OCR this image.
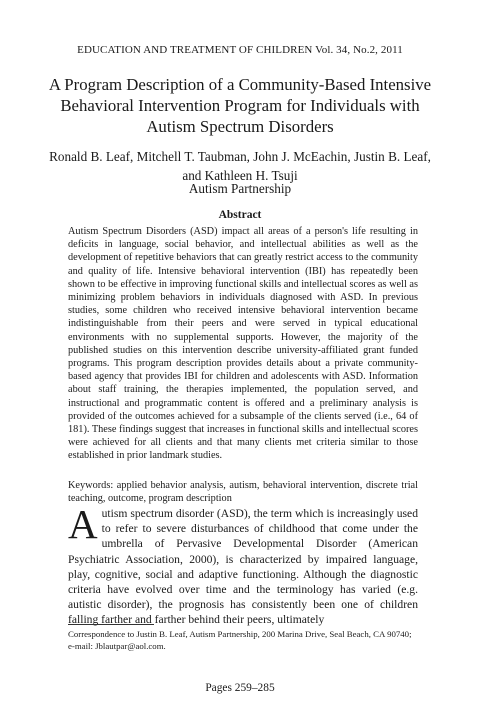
EDUCATION AND TREATMENT OF CHILDREN Vol. 34, No.2, 2011
A Program Description of a Community-Based Intensive Behavioral Intervention Program for Individuals with Autism Spectrum Disorders
Ronald B. Leaf, Mitchell T. Taubman, John J. McEachin, Justin B. Leaf, and Kathleen H. Tsuji
Autism Partnership
Abstract
Autism Spectrum Disorders (ASD) impact all areas of a person's life resulting in deficits in language, social behavior, and intellectual abilities as well as the development of repetitive behaviors that can greatly restrict access to the community and quality of life. Intensive behavioral intervention (IBI) has repeatedly been shown to be effective in improving functional skills and intellectual scores as well as minimizing problem behaviors in individuals diagnosed with ASD. In previous studies, some children who received intensive behavioral intervention became indistinguishable from their peers and were served in typical educational environments with no supplemental supports. However, the majority of the published studies on this intervention describe university-affiliated grant funded programs. This program description provides details about a private community-based agency that provides IBI for children and adolescents with ASD. Information about staff training, the therapies implemented, the population served, and instructional and programmatic content is offered and a preliminary analysis is provided of the outcomes achieved for a subsample of the clients served (i.e., 64 of 181). These findings suggest that increases in functional skills and intellectual scores were achieved for all clients and that many clients met criteria similar to those established in prior landmark studies.
Keywords: applied behavior analysis, autism, behavioral intervention, discrete trial teaching, outcome, program description
Autism spectrum disorder (ASD), the term which is increasingly used to refer to severe disturbances of childhood that come under the umbrella of Pervasive Developmental Disorder (American Psychiatric Association, 2000), is characterized by impaired language, play, cognitive, social and adaptive functioning. Although the diagnostic criteria have evolved over time and the terminology has varied (e.g. autistic disorder), the prognosis has consistently been one of children falling farther and farther behind their peers, ultimately
Correspondence to Justin B. Leaf, Autism Partnership, 200 Marina Drive, Seal Beach, CA 90740; e-mail: Jblautpar@aol.com.
Pages 259–285
